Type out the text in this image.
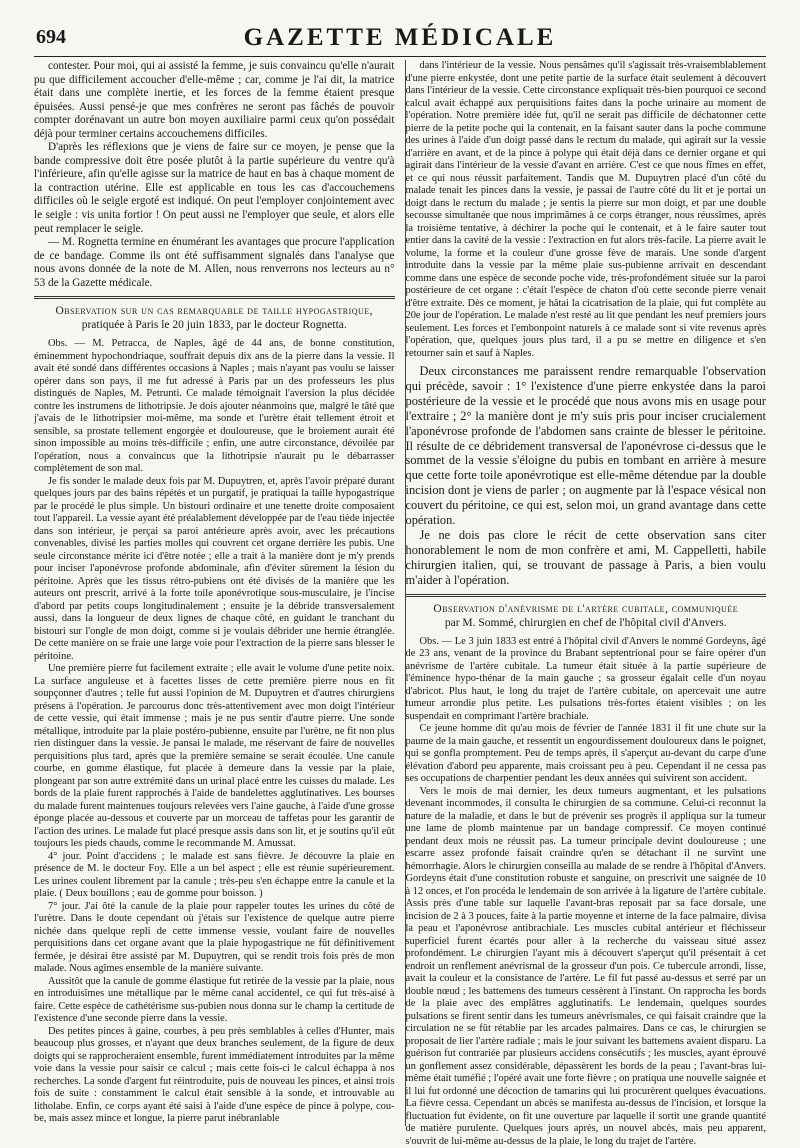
694	GAZETTE MÉDICALE

contester. Pour moi, qui ai assisté la femme, je suis convaincu qu'elle n'aurait pu que difficilement accoucher d'elle-même ; car, comme je l'ai dit, la matrice était dans une complète inertie, et les forces de la femme étaient presque épuisées. Aussi pensé-je que mes confrères ne seront pas fâchés de pouvoir compter dorénavant un autre bon moyen auxiliaire parmi ceux qu'on possédait déjà pour terminer certains accouchemens difficiles.

D'après les réflexions que je viens de faire sur ce moyen, je pense que la bande compressive doit être posée plutôt à la partie supérieure du ventre qu'à l'inférieure, afin qu'elle agisse sur la matrice de haut en bas à chaque moment de la contraction utérine. Elle est applicable en tous les cas d'accouchemens difficiles où le seigle ergoté est indiqué. On peut l'employer conjointement avec le seigle : vis unita fortior ! On peut aussi ne l'employer que seule, et alors elle peut remplacer le seigle.

— M. Rognetta termine en énumérant les avantages que procure l'application de ce bandage. Comme ils ont été suffisamment signalés dans l'analyse que nous avons donnée de la note de M. Allen, nous renverrons nos lecteurs au n° 53 de la Gazette médicale.

Observation sur un cas remarquable de taille hypogastrique,
pratiquée à Paris le 20 juin 1833, par le docteur Rognetta.

Obs. — M. Petracca, de Naples, âgé de 44 ans, de bonne constitution, éminemment hypochondriaque, souffrait depuis dix ans de la pierre dans la vessie. Il avait été sondé dans différentes occasions à Naples ; mais n'ayant pas voulu se laisser opérer dans son pays, il me fut adressé à Paris par un des professeurs les plus distingués de Naples, M. Petrunti. Ce malade témoignait l'aversion la plus décidée contre les instrumens de lithotripsie. Je dois ajouter néanmoins que, malgré le tâté que j'avais de le lithotripsier moi-même, ma sonde et l'urètre était tellement étroit et sensible, sa prostate tellement engorgée et douloureuse, que le broiement aurait été sinon impossible au moins très-difficile ; enfin, une autre circonstance, dévoilée par l'opération, nous a convaincus que la lithotripsie n'aurait pu le débarrasser complètement de son mal.

Je fis sonder le malade deux fois par M. Dupuytren, et, après l'avoir préparé durant quelques jours par des bains répétés et un purgatif, je pratiquai la taille hypogastrique par le procédé le plus simple. Un bistouri ordinaire et une tenette droite composaient tout l'appareil. La vessie ayant été préalablement développée par de l'eau tiède injectée dans son intérieur, je perçai sa paroi antérieure après avoir, avec les précautions convenables, divisé les parties molles qui couvrent cet organe derrière les pubis. Une seule circonstance mérite ici d'être notée ; elle a trait à la manière dont je m'y prends pour inciser l'aponévrose profonde abdominale, afin d'éviter sûrement la lésion du péritoine. Après que les tissus rétro-pubiens ont été divisés de la manière que les auteurs ont prescrit, arrivé à la forte toile aponévrotique sous-musculaire, je l'incise d'abord par petits coups longitudinalement ; ensuite je la débride transversalement aussi, dans la longueur de deux lignes de chaque côté, en guidant le tranchant du bistouri sur l'ongle de mon doigt, comme si je voulais débrider une hernie étranglée. De cette manière on se fraie une large voie pour l'extraction de la pierre sans blesser le péritoine.

Une première pierre fut facilement extraite ; elle avait le volume d'une petite noix. La surface anguleuse et à facettes lisses de cette première pierre nous en fit soupçonner d'autres ; telle fut aussi l'opinion de M. Dupuytren et d'autres chirurgiens présens à l'opération. Je parcourus donc très-attentivement avec mon doigt l'intérieur de cette vessie, qui était immense ; mais je ne pus sentir d'autre pierre. Une sonde métallique, introduite par la plaie postéro-pubienne, ensuite par l'urètre, ne fit non plus rien distinguer dans la vessie. Je pansai le malade, me réservant de faire de nouvelles perquisitions plus tard, après que la première semaine se serait écoulée. Une canule courbe, en gomme élastique, fut placée à demeure dans la vessie par la plaie, plongeant par son autre extrémité dans un urinal placé entre les cuisses du malade. Les bords de la plaie furent rapprochés à l'aide de bandelettes agglutinatives. Les bourses du malade furent maintenues toujours relevées vers l'aine gauche, à l'aide d'une grosse éponge placée au-dessous et couverte par un morceau de taffetas pour les garantir de l'action des urines. Le malade fut placé presque assis dans son lit, et je soutins qu'il eût toujours les pieds chauds, comme le recommande M. Amussat.

4° jour. Point d'accidens ; le malade est sans fièvre. Je découvre la plaie en présence de M. le docteur Foy. Elle a un bel aspect ; elle est réunie supérieurement. Les urines coulent librement par la canule ; très-peu s'en échappe entre la canule et la plaie. ( Deux bouillons ; eau de gomme pour boisson. )

7° jour. J'ai ôté la canule de la plaie pour rappeler toutes les urines du côté de l'urètre. Dans le doute cependant où j'étais sur l'existence de quelque autre pierre nichée dans quelque repli de cette immense vessie, voulant faire de nouvelles perquisitions dans cet organe avant que la plaie hypogastrique ne fût définitivement fermée, je désirai être assisté par M. Dupuytren, qui se rendit trois fois près de mon malade. Nous agîmes ensemble de la manière suivante.

Aussitôt que la canule de gomme élastique fut retirée de la vessie par la plaie, nous en introduisîmes une métallique par le même canal accidentel, ce qui fut très-aisé à faire. Cette espèce de cathétérisme sus-pubien nous donna sur le champ la certitude de l'existence d'une seconde pierre dans la vessie.

Des petites pinces à gaine, courbes, à peu près semblables à celles d'Hunter, mais beaucoup plus grosses, et n'ayant que deux branches seulement, de la figure de deux doigts qui se rapprocheraient ensemble, furent immédiatement introduites par la même voie dans la vessie pour saisir ce calcul ; mais cette fois-ci le calcul échappa à nos recherches. La sonde d'argent fut réintroduite, puis de nouveau les pinces, et ainsi trois fois de suite : constamment le calcul était sensible à la sonde, et introuvable au litholabe. Enfin, ce corps ayant été saisi à l'aide d'une espèce de pince à polype, cou-be, mais assez mince et longue, la pierre parut inébranlable

dans l'intérieur de la vessie. Nous pensâmes qu'il s'agissait très-vraisemblablement d'une pierre enkystée, dont une petite partie de la surface était seulement à découvert dans l'intérieur de la vessie. Cette circonstance expliquait très-bien pourquoi ce second calcul avait échappé aux perquisitions faites dans la poche urinaire au moment de l'opération. Notre première idée fut, qu'il ne serait pas difficile de déchatonner cette pierre de la petite poche qui la contenait, en la faisant sauter dans la poche commune des urines à l'aide d'un doigt passé dans le rectum du malade, qui agirait sur la vessie d'arrière en avant, et de la pince à polype qui était déjà dans ce dernier organe et qui agirait dans l'intérieur de la vessie d'avant en arrière. C'est ce que nous fîmes en effet, et ce qui nous réussit parfaitement. Tandis que M. Dupuytren placé d'un côté du malade tenait les pinces dans la vessie, je passai de l'autre côté du lit et je portai un doigt dans le rectum du malade ; je sentis la pierre sur mon doigt, et par une double secousse simultanée que nous imprimâmes à ce corps étranger, nous réussîmes, après la troisième tentative, à déchirer la poche qui le contenait, et à le faire sauter tout entier dans la cavité de la vessie : l'extraction en fut alors très-facile. La pierre avait le volume, la forme et la couleur d'une grosse fève de marais. Une sonde d'argent introduite dans la vessie par la même plaie sus-pubienne arrivait en descendant comme dans une espèce de seconde poche vide, très-profondément située sur la paroi postérieure de cet organe : c'était l'espèce de chaton d'où cette seconde pierre venait d'être extraite. Dès ce moment, je hâtai la cicatrisation de la plaie, qui fut complète au 20e jour de l'opération. Le malade n'est resté au lit que pendant les neuf premiers jours seulement. Les forces et l'embonpoint naturels à ce malade sont si vite revenus après l'opération, que, quelques jours plus tard, il a pu se mettre en diligence et s'en retourner sain et sauf à Naples.

Deux circonstances me paraissent rendre remarquable l'observation qui précède, savoir : 1° l'existence d'une pierre enkystée dans la paroi postérieure de la vessie et le procédé que nous avons mis en usage pour l'extraire ; 2° la manière dont je m'y suis pris pour inciser crucialement l'aponévrose profonde de l'abdomen sans crainte de blesser le péritoine. Il résulte de ce débridement transversal de l'aponévrose ci-dessus que le sommet de la vessie s'éloigne du pubis en tombant en arrière à mesure que cette forte toile aponévrotique est elle-même détendue par la double incision dont je viens de parler ; on augmente par là l'espace vésical non couvert du péritoine, ce qui est, selon moi, un grand avantage dans cette opération.

Je ne dois pas clore le récit de cette observation sans citer honorablement le nom de mon confrère et ami, M. Cappelletti, habile chirurgien italien, qui, se trouvant de passage à Paris, a bien voulu m'aider à l'opération.

Observation d'anévrisme de l'artère cubitale, communiquée
par M. Sommé, chirurgien en chef de l'hôpital civil d'Anvers.

Obs. — Le 3 juin 1833 est entré à l'hôpital civil d'Anvers le nommé Gordeyns, âgé de 23 ans, venant de la province du Brabant septentrional pour se faire opérer d'un anévrisme de l'artère cubitale. La tumeur était située à la partie supérieure de l'éminence hypo-thénar de la main gauche ; sa grosseur égalait celle d'un noyau d'abricot. Plus haut, le long du trajet de l'artère cubitale, on apercevait une autre tumeur arrondie plus petite. Les pulsations très-fortes étaient visibles ; on les suspendait en comprimant l'artère brachiale.

Ce jeune homme dit qu'au mois de février de l'année 1831 il fit une chute sur la paume de la main gauche, et ressentit un engourdissement douloureux dans le poignet, qui se gonfla promptement. Peu de temps après, il s'aperçut au-devant du carpe d'une élévation d'abord peu apparente, mais croissant peu à peu. Cependant il ne cessa pas ses occupations de charpentier pendant les deux années qui suivirent son accident.

Vers le mois de mai dernier, les deux tumeurs augmentant, et les pulsations devenant incommodes, il consulta le chirurgien de sa commune. Celui-ci reconnut la nature de la maladie, et dans le but de prévenir ses progrès il appliqua sur la tumeur une lame de plomb maintenue par un bandage compressif. Ce moyen continué pendant deux mois ne réussit pas. La tumeur principale devint douloureuse ; une escarre assez profonde faisait craindre qu'en se détachant il ne survînt une hémorrhagie. Alors le chirurgien conseilla au malade de se rendre à l'hôpital d'Anvers. Gordeyns était d'une constitution robuste et sanguine, on prescrivit une saignée de 10 à 12 onces, et l'on procéda le lendemain de son arrivée à la ligature de l'artère cubitale. Assis près d'une table sur laquelle l'avant-bras reposait par sa face dorsale, une incision de 2 à 3 pouces, faite à la partie moyenne et interne de la face palmaire, divisa la peau et l'aponévrose antibrachiale. Les muscles cubital antérieur et fléchisseur superficiel furent écartés pour aller à la recherche du vaisseau situé assez profondément. Le chirurgien l'ayant mis à découvert s'aperçut qu'il présentait à cet endroit un renflement anévrismal de la grosseur d'un pois. Ce tubercule arrondi, lisse, avait la couleur et la consistance de l'artère. Le fil fut passé au-dessus et serré par un double nœud ; les battemens des tumeurs cessèrent à l'instant. On rapprocha les bords de la plaie avec des emplâtres agglutinatifs. Le lendemain, quelques sourdes pulsations se firent sentir dans les tumeurs anévrismales, ce qui faisait craindre que la circulation ne se fût rétablie par les arcades palmaires. Dans ce cas, le chirurgien se proposait de lier l'artère radiale ; mais le jour suivant les battemens avaient disparu. La guérison fut contrariée par plusieurs accidens consécutifs ; les muscles, ayant éprouvé un gonflement assez considérable, dépassèrent les bords de la peau ; l'avant-bras lui-même était tuméfié ; l'opéré avait une forte fièvre ; on pratiqua une nouvelle saignée et il lui fut ordonné une décoction de tamarins qui lui procurèrent quelques évacuations. La fièvre cessa. Cependant un abcès se manifesta au-dessus de l'incision, et lorsque la fluctuation fut évidente, on fit une ouverture par laquelle il sortit une grande quantité de matière purulente. Quelques jours après, un nouvel abcès, mais peu apparent, s'ouvrit de lui-même au-dessus de la plaie, le long du trajet de l'artère.
